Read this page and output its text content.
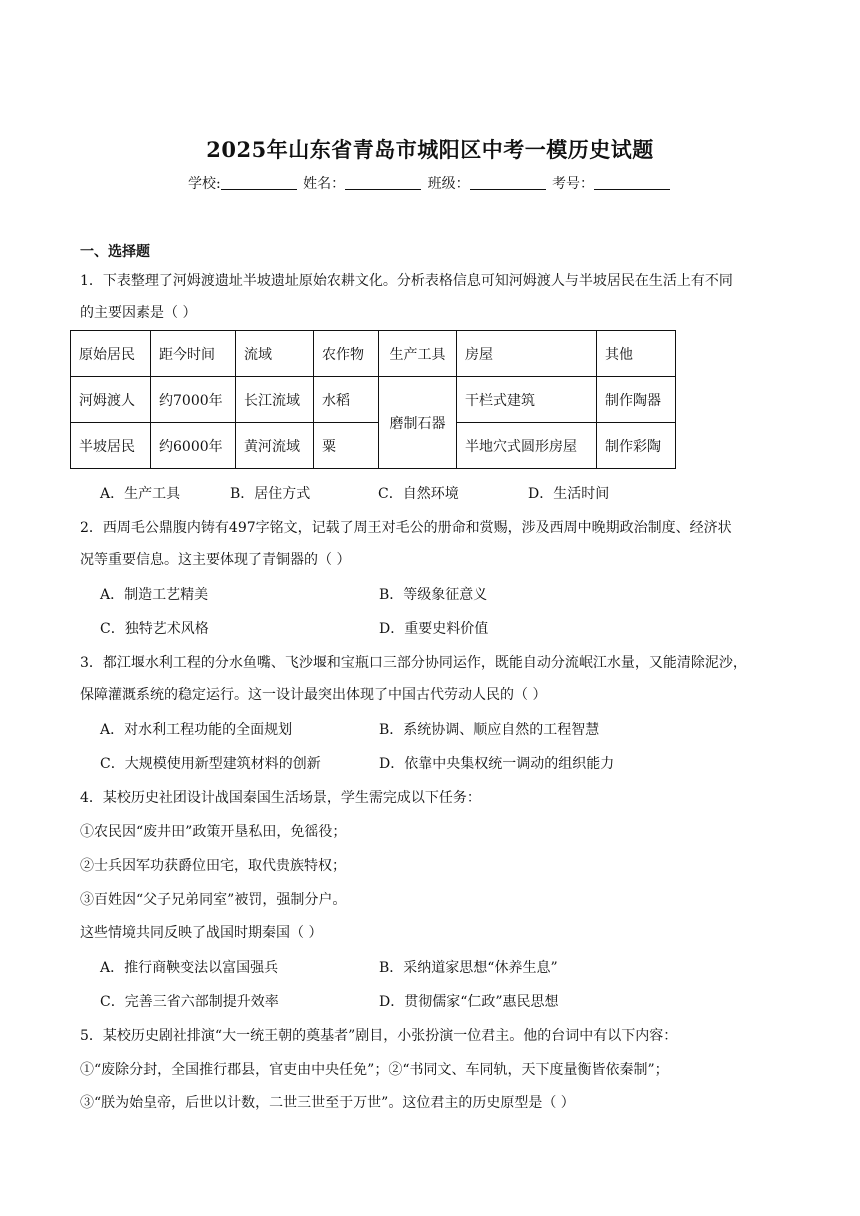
2025年山东省青岛市城阳区中考一模历史试题
学校:	姓名：	班级：	考号：
一、选择题
1．下表整理了河姆渡遗址半坡遗址原始农耕文化。分析表格信息可知河姆渡人与半坡居民在生活上有不同
的主要因素是（ ）
原始居民	距今时间	流域	农作物	生产工具	房屋	其他
河姆渡人	约7000年	长江流域	水稻	磨制石器	干栏式建筑	制作陶器
半坡居民	约6000年	黄河流域	粟		半地穴式圆形房屋	制作彩陶
A．生产工具	B．居住方式	C．自然环境	D．生活时间
2．西周毛公鼎腹内铸有497字铭文，记载了周王对毛公的册命和赏赐，涉及西周中晚期政治制度、经济状
况等重要信息。这主要体现了青铜器的（ ）
A．制造工艺精美	B．等级象征意义
C．独特艺术风格	D．重要史料价值
3．都江堰水利工程的分水鱼嘴、飞沙堰和宝瓶口三部分协同运作，既能自动分流岷江水量，又能清除泥沙，
保障灌溉系统的稳定运行。这一设计最突出体现了中国古代劳动人民的（ ）
A．对水利工程功能的全面规划	B．系统协调、顺应自然的工程智慧
C．大规模使用新型建筑材料的创新	D．依靠中央集权统一调动的组织能力
4．某校历史社团设计战国秦国生活场景，学生需完成以下任务：
①农民因“废井田”政策开垦私田，免徭役；
②士兵因军功获爵位田宅，取代贵族特权；
③百姓因“父子兄弟同室”被罚，强制分户。
这些情境共同反映了战国时期秦国（ ）
A．推行商鞅变法以富国强兵	B．采纳道家思想“休养生息”
C．完善三省六部制提升效率	D．贯彻儒家“仁政”惠民思想
5．某校历史剧社排演“大一统王朝的奠基者”剧目，小张扮演一位君主。他的台词中有以下内容：
①“废除分封，全国推行郡县，官吏由中央任免”；②“书同文、车同轨，天下度量衡皆依秦制”；
③“朕为始皇帝，后世以计数，二世三世至于万世”。这位君主的历史原型是（ ）
